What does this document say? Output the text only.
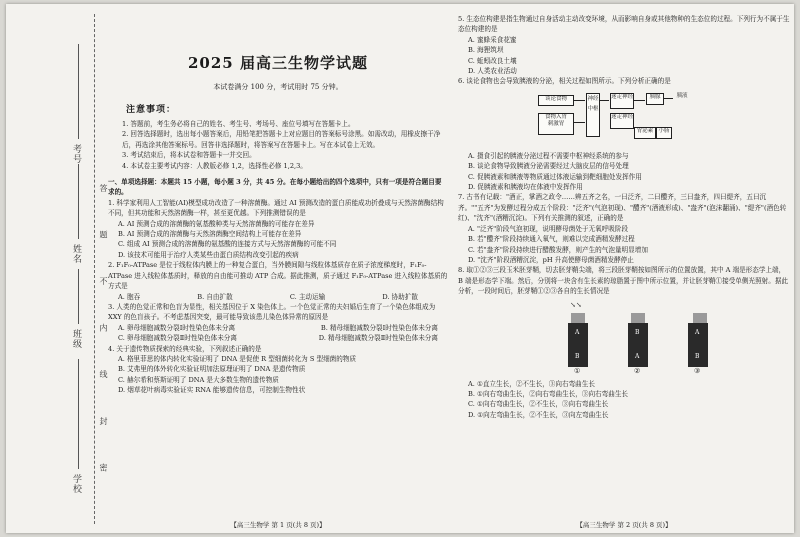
考号
姓名
班级
学校 答 题 不 内 线 封 密
2025 届高三生物学试题
本试卷满分 100 分，考试用时 75 分钟。
注意事项：

1. 答题前，考生务必将自己的姓名、考生号、考场号、座位号填写在答题卡上。

2. 回答选择题时，选出每小题答案后，用铅笔把答题卡上对应题目的答案标号涂黑。如需改动，用橡皮擦干净后，再选涂其他答案标号。回答非选择题时，将答案写在答题卡上。写在本试卷上无效。

3. 考试结束后，将本试卷和答题卡一并交回。

4. 本试卷主要考试内容：人教版必修 1,2，选择性必修 1,2,3。

一、单项选择题：本题共 15 小题，每小题 3 分，共 45 分。在每小题给出的四个选项中，只有一项是符合题目要求的。

1. 科学家利用人工智能(AI)模型成功改造了一种溶菌酶。通过 AI 预测改造的蛋白质能成功折叠成与天然溶菌酶结构不同，但其功能和天然溶菌酶一样，甚至更优越。下列推测错误的是

A. AI 预测合成的溶菌酶的氨基酸种类与天然溶菌酶的可能存在差异

B. AI 预测合成的溶菌酶与天然溶菌酶空间结构上可能存在差异

C. 组成 AI 预测合成的溶菌酶的氨基酸的连接方式与天然溶菌酶的可能不同

D. 该技术可能用于治疗人类某些由蛋白质结构改变引起的疾病

2. F₁F₀-ATPase 是位于线粒体内膜上的一种复合蛋白，当外膜间隙与线粒体基质存在质子浓度梯度时，F₁F₀-ATPase 进入线粒体基质时，释放的自由能可推动 ATP 合成。据此推测，质子通过 F₁F₀-ATPase 进入线粒体基质的方式是

A. 胞吞	B. 自由扩散	C. 主动运输	D. 协助扩散

3. 人类的色觉正常和色盲为显性，相关基因位于 X 染色体上。一个色觉正常的夫妇婚后生育了一个染色体组成为 XXY 的色盲孩子。不考虑基因突变，最可能导致该患儿染色体异常的原因是

A. 卵母细胞减数分裂Ⅰ时性染色体未分离	B. 精母细胞减数分裂Ⅰ时性染色体未分离

C. 卵母细胞减数分裂Ⅱ时性染色体未分离	D. 精母细胞减数分裂Ⅱ时性染色体未分离

4. 关于遗传物质探索的经典实验，下列叙述正确的是

A. 格里菲思的体内转化实验证明了 DNA 是促使 R 型细菌转化为 S 型细菌的物质

B. 艾弗里的体外转化实验证明加法原理证明了 DNA 是遗传物质

C. 赫尔希和蔡斯证明了 DNA 是大多数生物的遗传物质

D. 烟草花叶病毒实验证实 RNA 能够遗传信息，可控制生物性状

【高三生物学 第 1 页(共 8 页)】

5. 生态位构建是指生物通过自身活动主动改变环境，从而影响自身或其他物种的生态位的过程。下列行为不属于生态位构建的是

A. 蜜蜂采食花蜜

B. 海狸筑坝

C. 蚯蚓改良土壤

D. 人类农业活动

6. 谈论食物也会导致胰液的分泌，相关过程如图所示。下列分析正确的是

谈论食物
食物入胃
刺激胃
神经中枢
迷走神经
迷走神经
胰腺
胃泌素
胰液
小肠

A. 摄食引起的胰液分泌过程不需要中枢神经系统的参与

B. 谈论食物导致胰液分泌需要经过大脑皮层的信号处理

C. 促胰液素和胰液等物质通过体液运输到靶细胞处发挥作用

D. 促胰液素和胰液均在体液中发挥作用

7. 古书有记载："酒正，掌酒之政令……辨五齐之名，一曰泛齐，二曰醴齐，三曰盎齐，四曰缇齐，五曰沉齐。""五齐"为发酵过程分成五个阶段："泛齐"(气泡初现)、"醴齐"(酒液形成)、"盎齐"(泡沫翻涌)、"缇齐"(酒色转红)、"沈齐"(酒糟沉淀)。下列有关推测的叙述，正确的是

A. "泛齐"阶段气泡初现，说明酵母菌处于无氧呼吸阶段

B. 若"醴齐"阶段持续通入氧气，则难以完成酒精发酵过程

C. 若"盎齐"阶段持续进行醋酸发酵，则产生的气泡量明显增加

D. "沈齐"阶段酒糟沉淀，pH 升高使酵母菌酒精发酵停止

8. 取①②③三段玉米胚芽鞘，切去胚芽鞘尖端，将三段胚芽鞘按如图所示的位置放置，其中 A 端是形态学上端，B 端是形态学下端。然后，分别将一块含有生长素的琼脂置于图中所示位置，并让胚芽鞘①接受单侧光照射。据此分析，一段时间后，胚芽鞘①②③各自的生长情况是

↘↘
A
B
①
B
A
②
A
B
③

A. ①直立生长，②不生长，③向右弯曲生长

B. ①向右弯曲生长，②向右弯曲生长，③向右弯曲生长

C. ①向右弯曲生长，②不生长，③向右弯曲生长

D. ①向左弯曲生长，②不生长，③向左弯曲生长

【高三生物学 第 2 页(共 8 页)】
